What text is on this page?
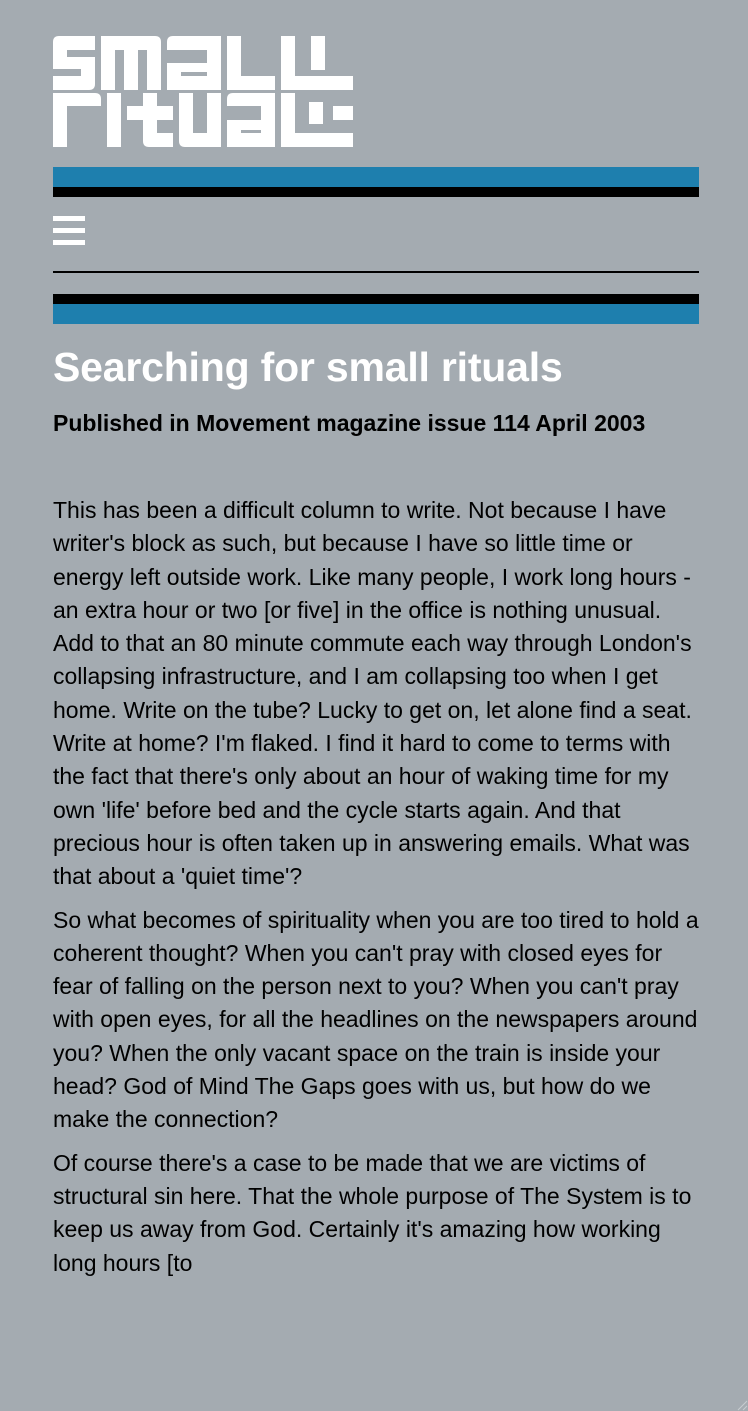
Searching for small rituals

Published in Movement magazine issue 114 April 2003

This has been a difficult column to write. Not because I have writer's block as such, but because I have so little time or energy left outside work. Like many people, I work long hours - an extra hour or two [or five] in the office is nothing unusual. Add to that an 80 minute commute each way through London's collapsing infrastructure, and I am collapsing too when I get home. Write on the tube? Lucky to get on, let alone find a seat. Write at home? I'm flaked. I find it hard to come to terms with the fact that there's only about an hour of waking time for my own 'life' before bed and the cycle starts again. And that precious hour is often taken up in answering emails. What was that about a 'quiet time'?

So what becomes of spirituality when you are too tired to hold a coherent thought? When you can't pray with closed eyes for fear of falling on the person next to you? When you can't pray with open eyes, for all the headlines on the newspapers around you? When the only vacant space on the train is inside your head? God of Mind The Gaps goes with us, but how do we make the connection?

Of course there's a case to be made that we are victims of structural sin here. That the whole purpose of The System is to keep us away from God. Certainly it's amazing how working long hours [to
